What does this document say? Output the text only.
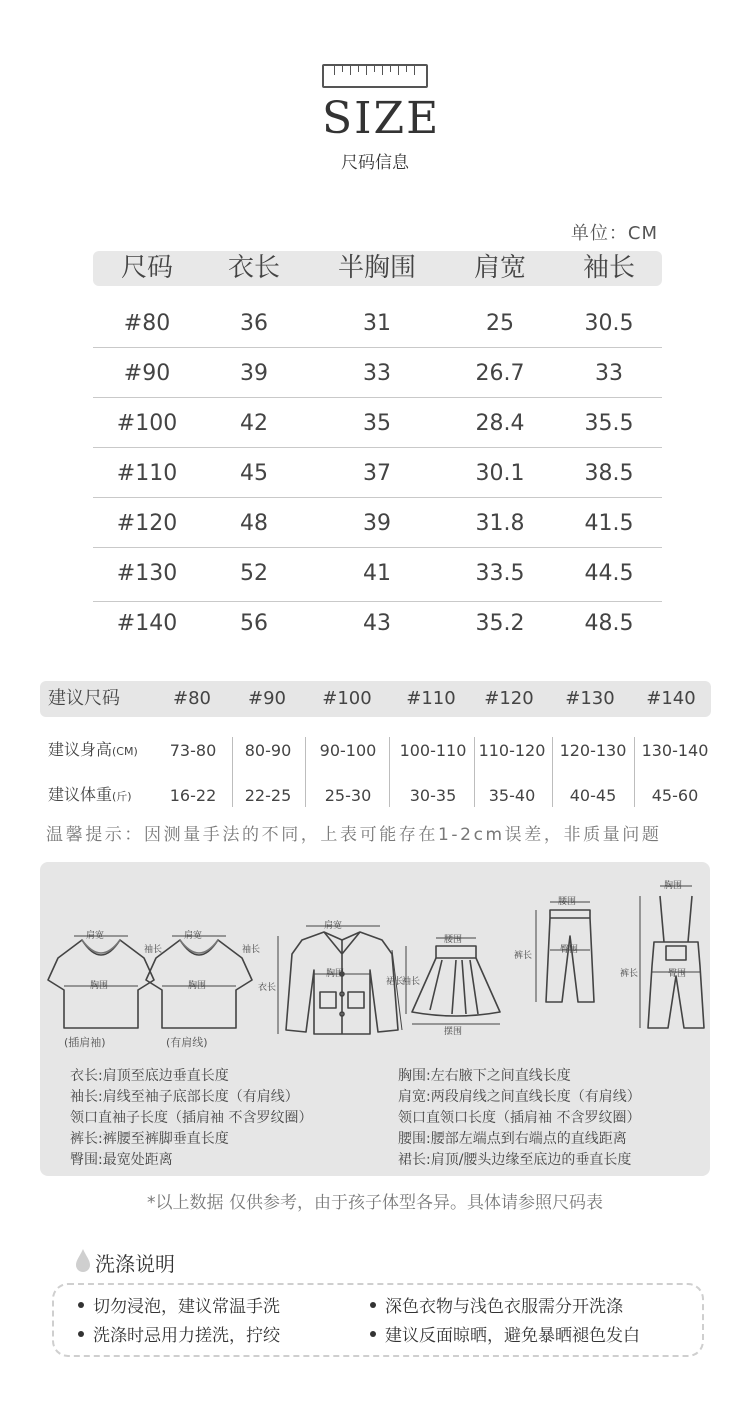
SIZE
尺码信息
单位：CM
尺码	衣长	半胸围	肩宽	袖长
#80	36	31	25	30.5
#90	39	33	26.7	33
#100	42	35	28.4	35.5
#110	45	37	30.1	38.5
#120	48	39	31.8	41.5
#130	52	41	33.5	44.5
#140	56	43	35.2	48.5
建议尺码	#80	#90	#100	#110	#120	#130	#140
建议身高(CM)	73-80	80-90	90-100	100-110 110-120 120-130 130-140
建议体重(斤)	16-22	22-25	25-30	30-35	35-40	40-45	45-60
温馨提示：因测量手法的不同，上表可能存在1-2cm误差，非质量问题
肩宽
胸围
袖长
肩宽
胸围
袖长
肩宽
胸围
衣长
袖长
腰围
裙长
摆围
腰围
臀围
裤长
胸围
裤长	臀围
(插肩袖)	(有肩线)
衣长:肩顶至底边垂直长度
袖长:肩线至袖子底部长度（有肩线）
领口直袖子长度（插肩袖 不含罗纹圈）
裤长:裤腰至裤脚垂直长度
臀围:最宽处距离
胸围:左右腋下之间直线长度
肩宽:两段肩线之间直线长度（有肩线）
领口直领口长度（插肩袖 不含罗纹圈）
腰围:腰部左端点到右端点的直线距离
裙长:肩顶/腰头边缘至底边的垂直长度
*以上数据 仅供参考，由于孩子体型各异。具体请参照尺码表
洗涤说明
切勿浸泡，建议常温手洗	深色衣物与浅色衣服需分开洗涤
洗涤时忌用力搓洗，拧绞	建议反面晾晒，避免暴晒褪色发白
